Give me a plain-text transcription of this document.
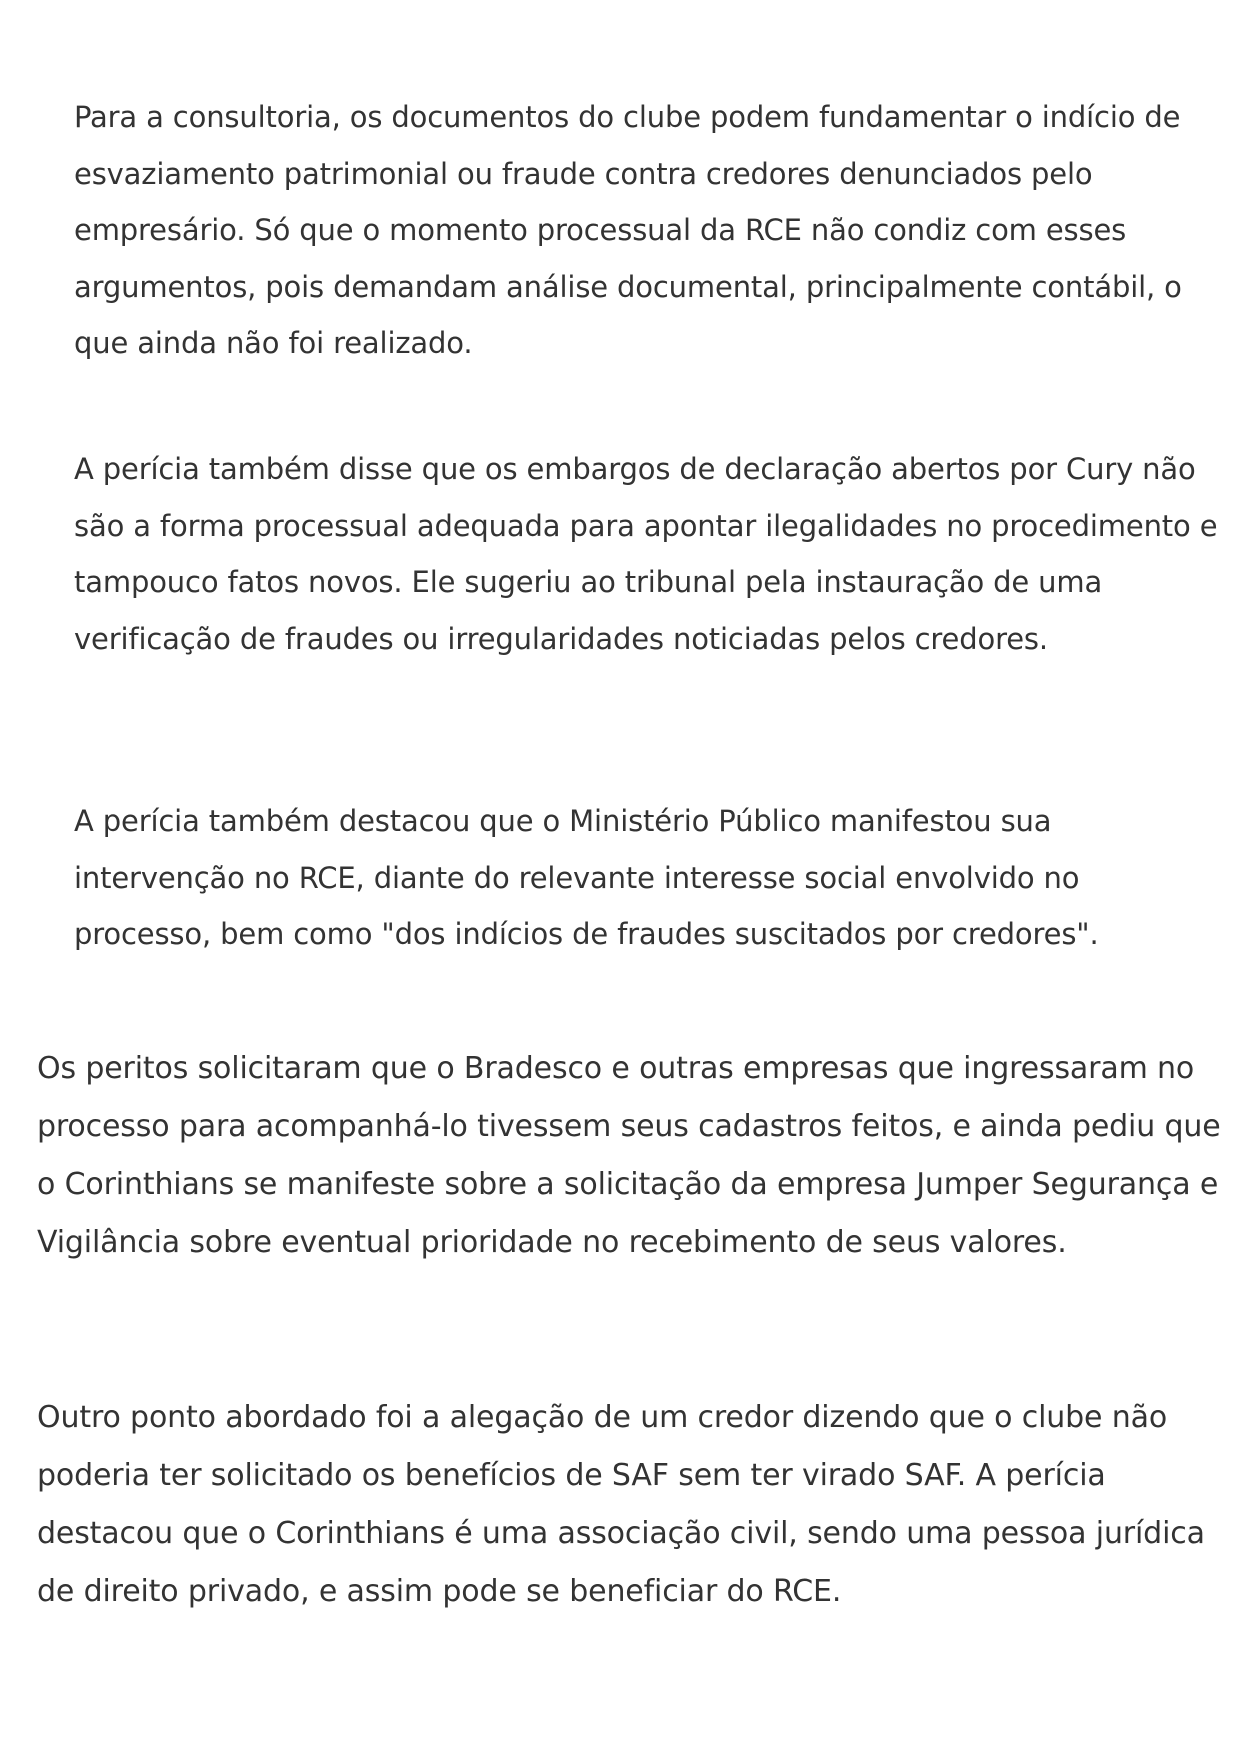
Para a consultoria, os documentos do clube podem fundamentar o indício de esvaziamento patrimonial ou fraude contra credores denunciados pelo empresário. Só que o momento processual da RCE não condiz com esses argumentos, pois demandam análise documental, principalmente contábil, o que ainda não foi realizado.

A perícia também disse que os embargos de declaração abertos por Cury não são a forma processual adequada para apontar ilegalidades no procedimento e tampouco fatos novos. Ele sugeriu ao tribunal pela instauração de uma verificação de fraudes ou irregularidades noticiadas pelos credores.

A perícia também destacou que o Ministério Público manifestou sua intervenção no RCE, diante do relevante interesse social envolvido no processo, bem como "dos indícios de fraudes suscitados por credores".

Os peritos solicitaram que o Bradesco e outras empresas que ingressaram no processo para acompanhá-lo tivessem seus cadastros feitos, e ainda pediu que o Corinthians se manifeste sobre a solicitação da empresa Jumper Segurança e Vigilância sobre eventual prioridade no recebimento de seus valores.

Outro ponto abordado foi a alegação de um credor dizendo que o clube não poderia ter solicitado os benefícios de SAF sem ter virado SAF. A perícia destacou que o Corinthians é uma associação civil, sendo uma pessoa jurídica de direito privado, e assim pode se beneficiar do RCE.
